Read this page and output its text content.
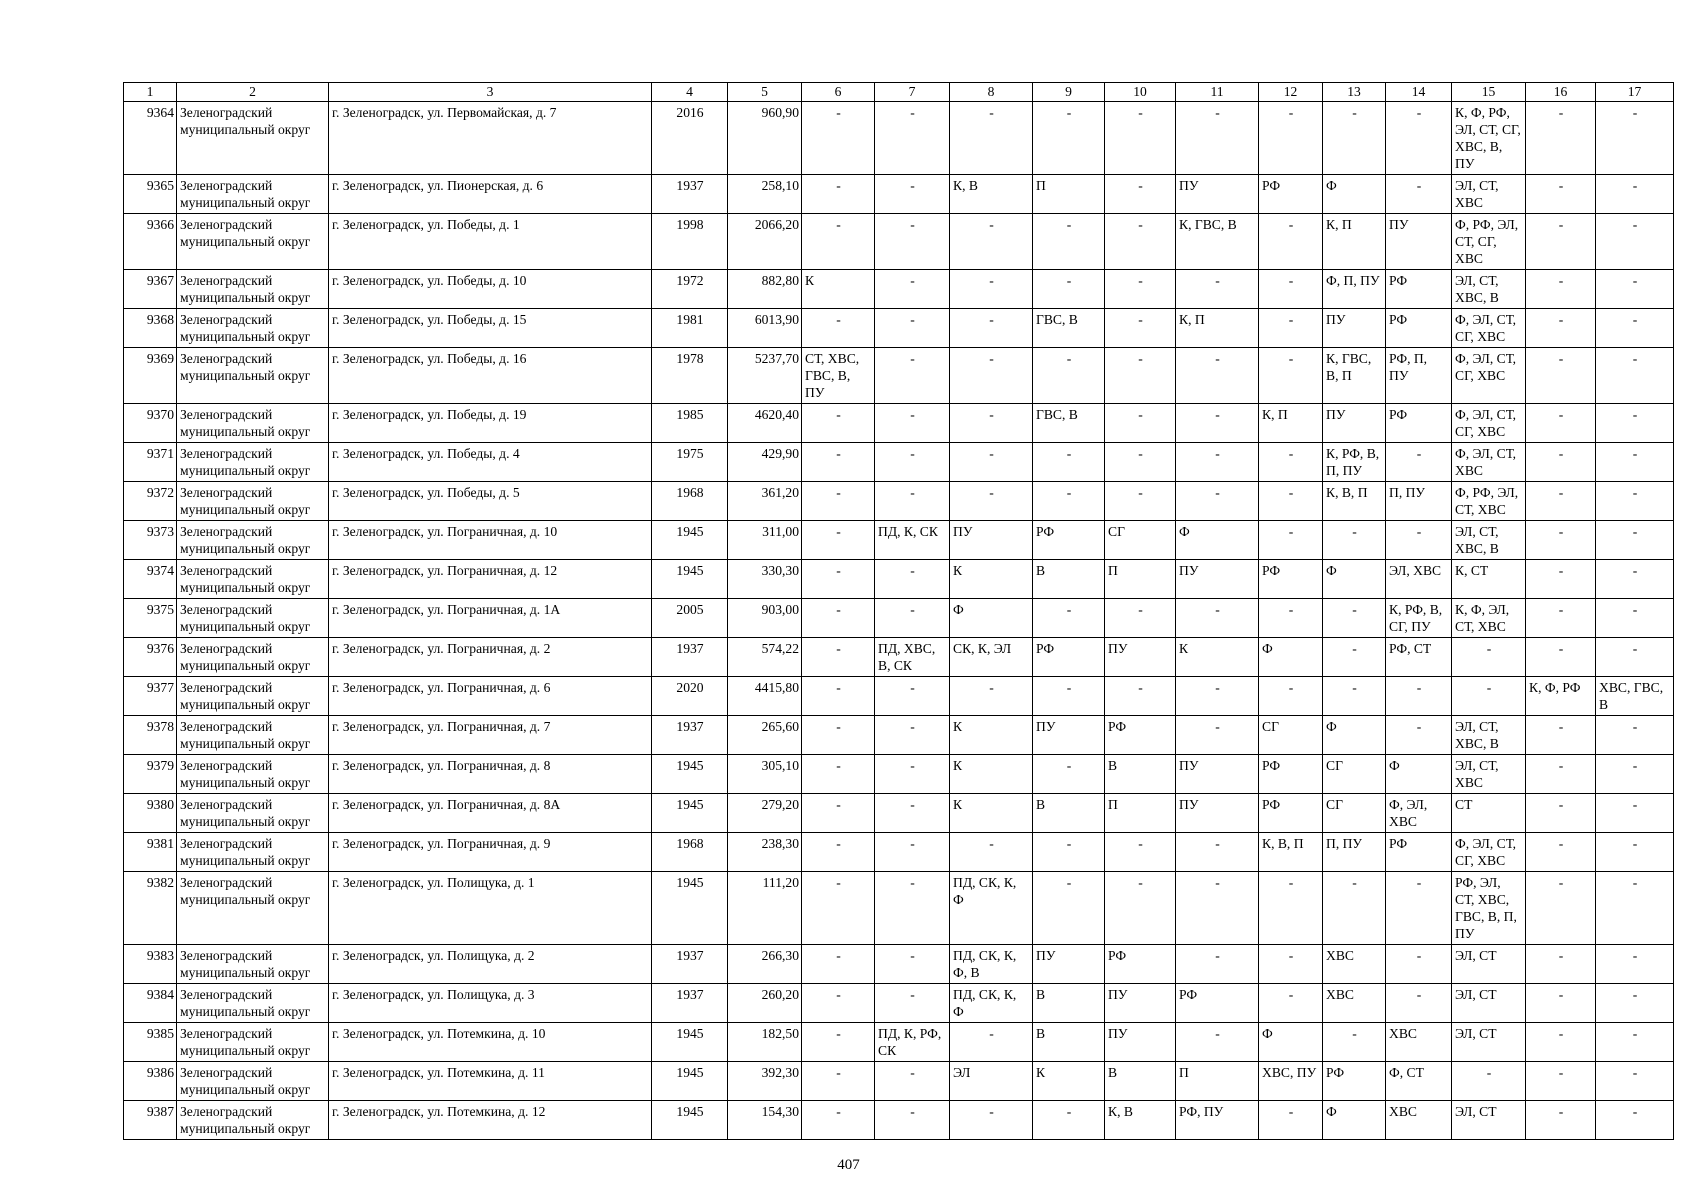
1	2	3	4	5	6	7	8	9	10	11	12	13	14	15	16	17
9364	Зеленоградский муниципальный округ	г. Зеленоградск, ул. Первомайская, д. 7	2016	960,90	-	-	-	-	-	-	-	-	-	К, Ф, РФ, ЭЛ, СТ, СГ, ХВС, В, ПУ	-	-
9365	Зеленоградский муниципальный округ	г. Зеленоградск, ул. Пионерская, д. 6	1937	258,10	-	-	К, В	П	-	ПУ	РФ	Ф	-	ЭЛ, СТ, ХВС	-	-
9366	Зеленоградский муниципальный округ	г. Зеленоградск, ул. Победы, д. 1	1998	2066,20	-	-	-	-	-	К, ГВС, В	-	К, П	ПУ	Ф, РФ, ЭЛ, СТ, СГ, ХВС	-	-
9367	Зеленоградский муниципальный округ	г. Зеленоградск, ул. Победы, д. 10	1972	882,80	К	-	-	-	-	-	-	Ф, П, ПУ	РФ	ЭЛ, СТ, ХВС, В	-	-
9368	Зеленоградский муниципальный округ	г. Зеленоградск, ул. Победы, д. 15	1981	6013,90	-	-	-	ГВС, В	-	К, П	-	ПУ	РФ	Ф, ЭЛ, СТ, СГ, ХВС	-	-
9369	Зеленоградский муниципальный округ	г. Зеленоградск, ул. Победы, д. 16	1978	5237,70	СТ, ХВС, ГВС, В, ПУ	-	-	-	-	-	-	К, ГВС, В, П	РФ, П, ПУ	Ф, ЭЛ, СТ, СГ, ХВС	-	-
9370	Зеленоградский муниципальный округ	г. Зеленоградск, ул. Победы, д. 19	1985	4620,40	-	-	-	ГВС, В	-	-	К, П	ПУ	РФ	Ф, ЭЛ, СТ, СГ, ХВС	-	-
9371	Зеленоградский муниципальный округ	г. Зеленоградск, ул. Победы, д. 4	1975	429,90	-	-	-	-	-	-	-	К, РФ, В, П, ПУ	-	Ф, ЭЛ, СТ, ХВС	-	-
9372	Зеленоградский муниципальный округ	г. Зеленоградск, ул. Победы, д. 5	1968	361,20	-	-	-	-	-	-	-	К, В, П	П, ПУ	Ф, РФ, ЭЛ, СТ, ХВС	-	-
9373	Зеленоградский муниципальный округ	г. Зеленоградск, ул. Пограничная, д. 10	1945	311,00	-	ПД, К, СК	ПУ	РФ	СГ	Ф	-	-	-	ЭЛ, СТ, ХВС, В	-	-
9374	Зеленоградский муниципальный округ	г. Зеленоградск, ул. Пограничная, д. 12	1945	330,30	-	-	К	В	П	ПУ	РФ	Ф	ЭЛ, ХВС	К, СТ	-	-
9375	Зеленоградский муниципальный округ	г. Зеленоградск, ул. Пограничная, д. 1А	2005	903,00	-	-	Ф	-	-	-	-	-	К, РФ, В, СГ, ПУ	К, Ф, ЭЛ, СТ, ХВС	-	-
9376	Зеленоградский муниципальный округ	г. Зеленоградск, ул. Пограничная, д. 2	1937	574,22	-	ПД, ХВС, В, СК	СК, К, ЭЛ	РФ	ПУ	К	Ф	-	РФ, СТ	-	-	-
9377	Зеленоградский муниципальный округ	г. Зеленоградск, ул. Пограничная, д. 6	2020	4415,80	-	-	-	-	-	-	-	-	-	-	К, Ф, РФ	ХВС, ГВС, В
9378	Зеленоградский муниципальный округ	г. Зеленоградск, ул. Пограничная, д. 7	1937	265,60	-	-	К	ПУ	РФ	-	СГ	Ф	-	ЭЛ, СТ, ХВС, В	-	-
9379	Зеленоградский муниципальный округ	г. Зеленоградск, ул. Пограничная, д. 8	1945	305,10	-	-	К	-	В	ПУ	РФ	СГ	Ф	ЭЛ, СТ, ХВС	-	-
9380	Зеленоградский муниципальный округ	г. Зеленоградск, ул. Пограничная, д. 8А	1945	279,20	-	-	К	В	П	ПУ	РФ	СГ	Ф, ЭЛ, ХВС	СТ	-	-
9381	Зеленоградский муниципальный округ	г. Зеленоградск, ул. Пограничная, д. 9	1968	238,30	-	-	-	-	-	-	К, В, П	П, ПУ	РФ	Ф, ЭЛ, СТ, СГ, ХВС	-	-
9382	Зеленоградский муниципальный округ	г. Зеленоградск, ул. Полищука, д. 1	1945	111,20	-	-	ПД, СК, К, Ф	-	-	-	-	-	-	РФ, ЭЛ, СТ, ХВС, ГВС, В, П, ПУ	-	-
9383	Зеленоградский муниципальный округ	г. Зеленоградск, ул. Полищука, д. 2	1937	266,30	-	-	ПД, СК, К, Ф, В	ПУ	РФ	-	-	ХВС	-	ЭЛ, СТ	-	-
9384	Зеленоградский муниципальный округ	г. Зеленоградск, ул. Полищука, д. 3	1937	260,20	-	-	ПД, СК, К, Ф	В	ПУ	РФ	-	ХВС	-	ЭЛ, СТ	-	-
9385	Зеленоградский муниципальный округ	г. Зеленоградск, ул. Потемкина, д. 10	1945	182,50	-	ПД, К, РФ, СК	-	В	ПУ	-	Ф	-	ХВС	ЭЛ, СТ	-	-
9386	Зеленоградский муниципальный округ	г. Зеленоградск, ул. Потемкина, д. 11	1945	392,30	-	-	ЭЛ	К	В	П	ХВС, ПУ	РФ	Ф, СТ	-	-	-
9387	Зеленоградский муниципальный округ	г. Зеленоградск, ул. Потемкина, д. 12	1945	154,30	-	-	-	-	К, В	РФ, ПУ	-	Ф	ХВС	ЭЛ, СТ	-	-
407
